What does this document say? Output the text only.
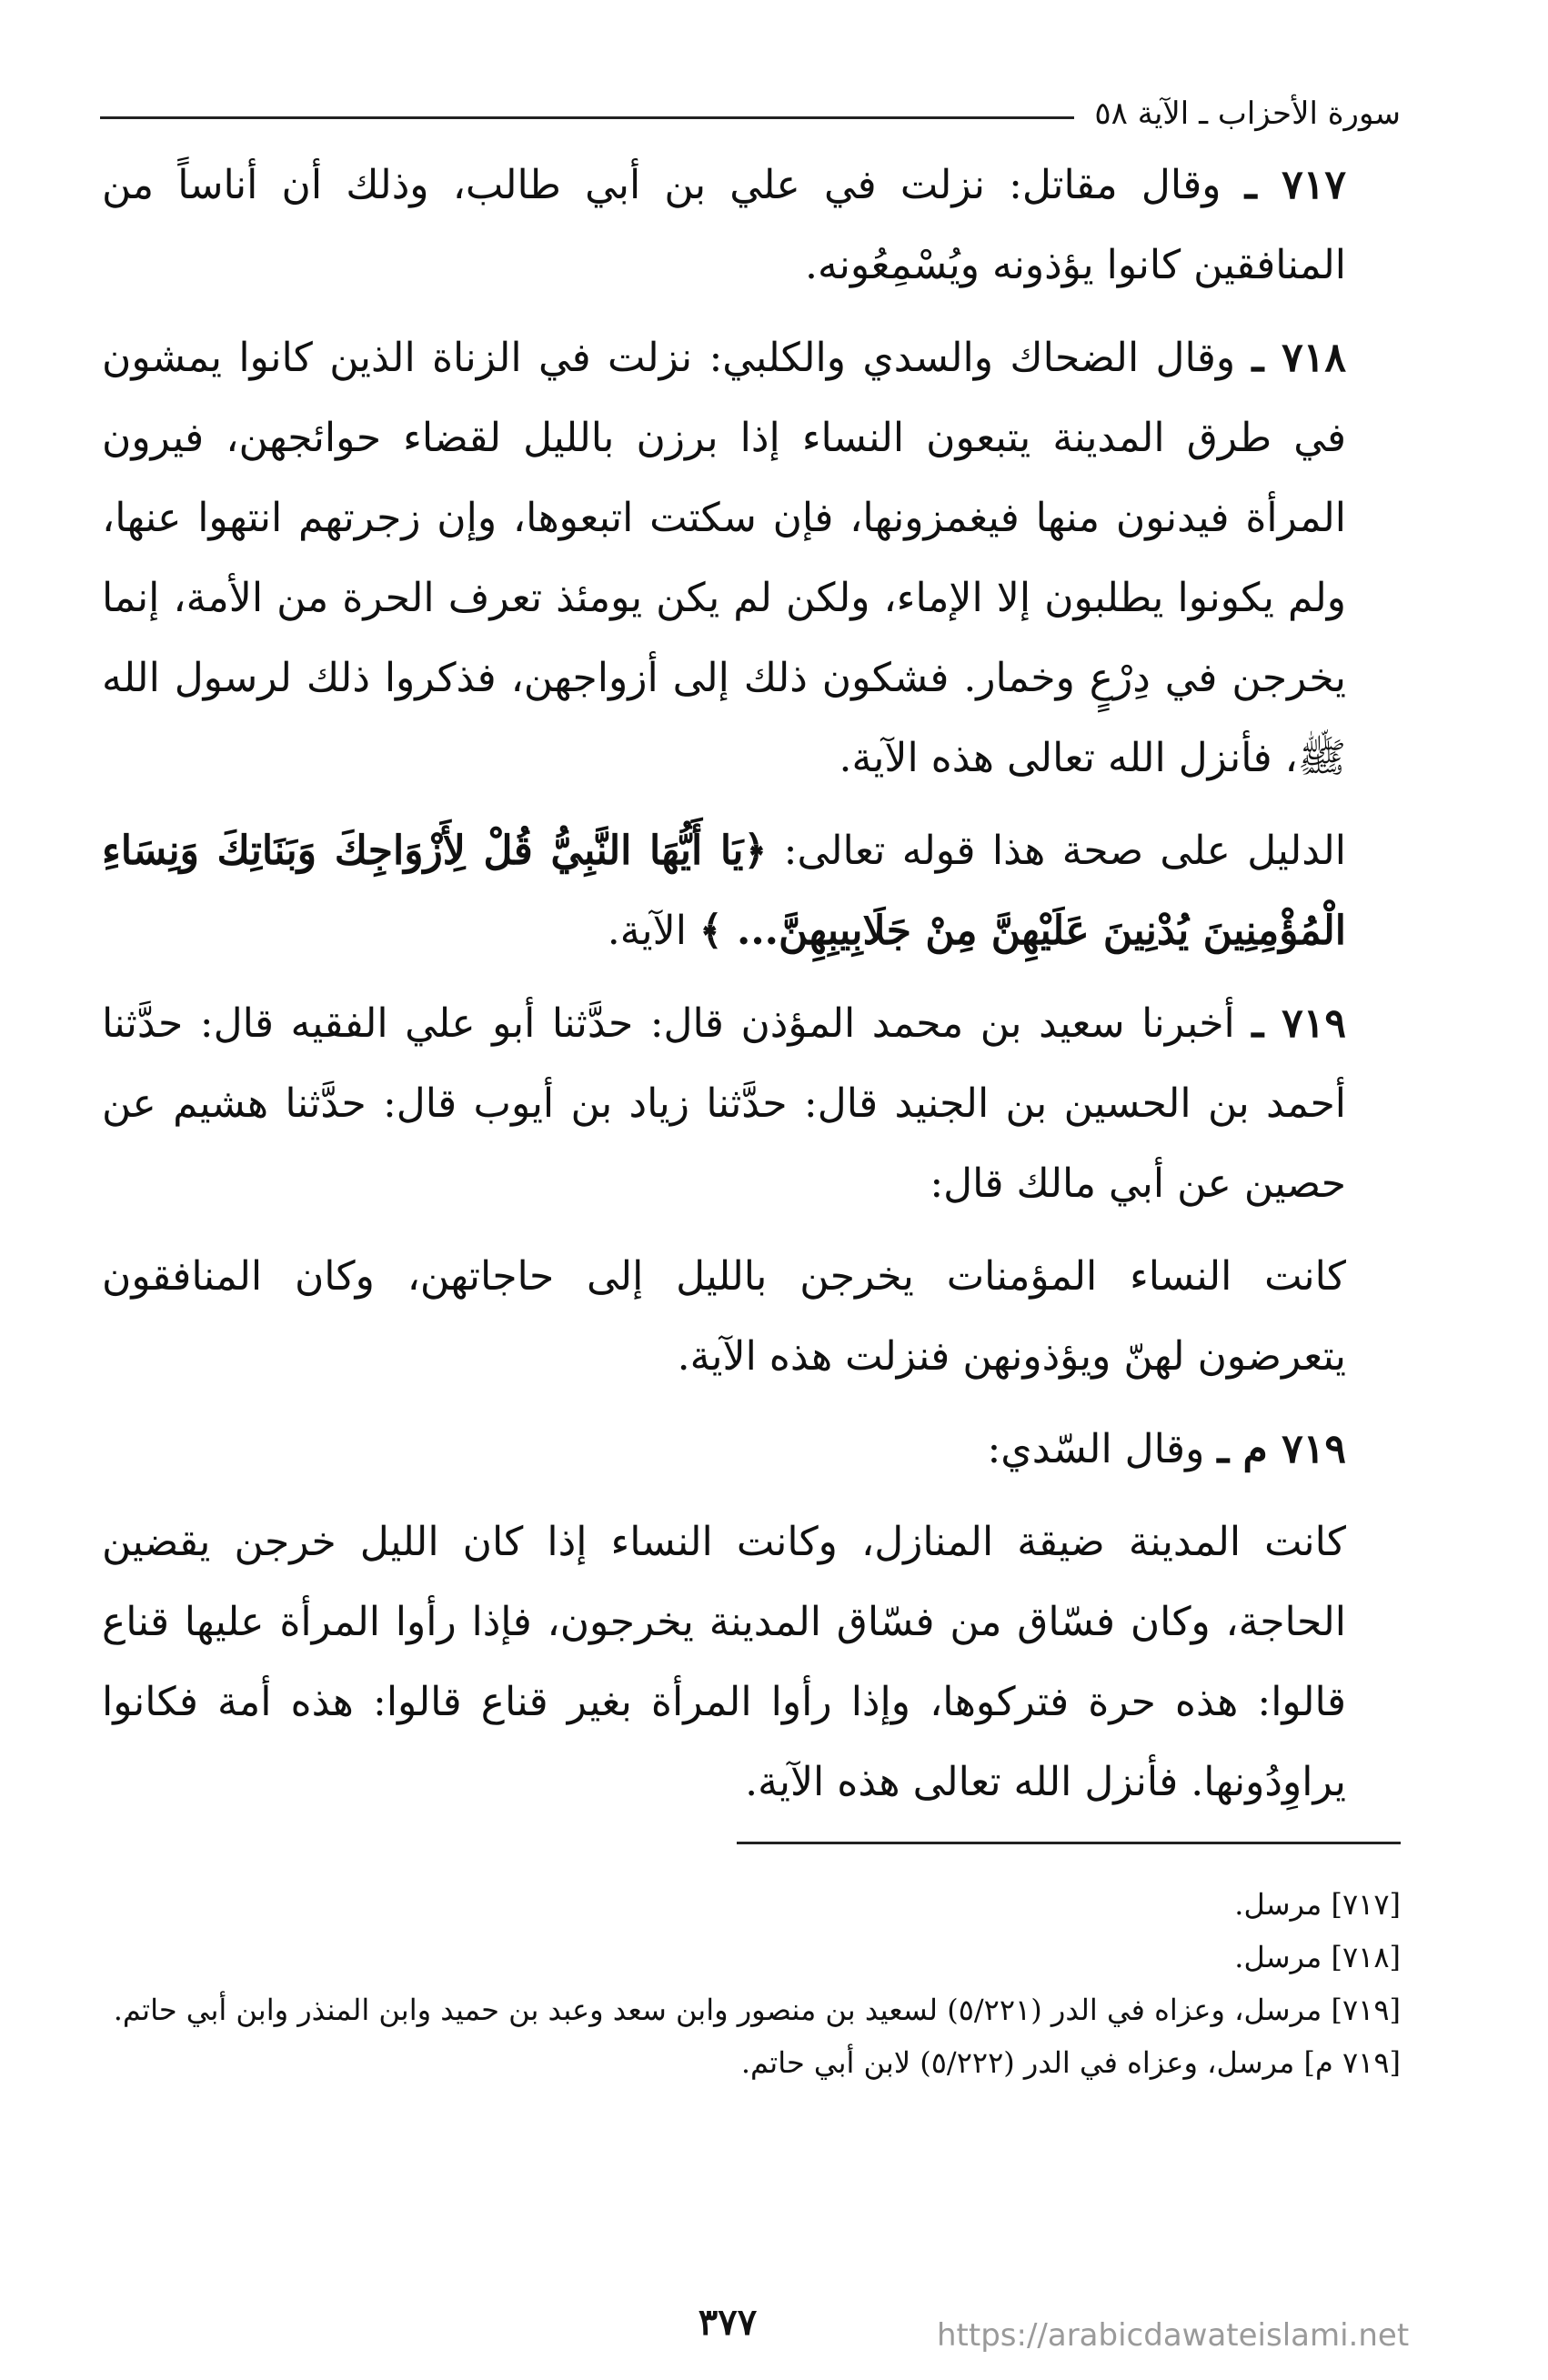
سورة الأحزاب ـ الآية ٥٨

٧١٧ ـ وقال مقاتل: نزلت في علي بن أبي طالب، وذلك أن أناساً من المنافقين كانوا يؤذونه ويُسْمِعُونه.

٧١٨ ـ وقال الضحاك والسدي والكلبي: نزلت في الزناة الذين كانوا يمشون في طرق المدينة يتبعون النساء إذا برزن بالليل لقضاء حوائجهن، فيرون المرأة فيدنون منها فيغمزونها، فإن سكتت اتبعوها، وإن زجرتهم انتهوا عنها، ولم يكونوا يطلبون إلا الإماء، ولكن لم يكن يومئذ تعرف الحرة من الأمة، إنما يخرجن في دِرْعٍ وخمار. فشكون ذلك إلى أزواجهن، فذكروا ذلك لرسول الله ﷺ، فأنزل الله تعالى هذه الآية.

الدليل على صحة هذا قوله تعالى: ﴿يَا أَيُّهَا النَّبِيُّ قُلْ لِأَزْوَاجِكَ وَبَنَاتِكَ وَنِسَاءِ الْمُؤْمِنِينَ يُدْنِينَ عَلَيْهِنَّ مِنْ جَلَابِيبِهِنَّ... ﴾ الآية.

٧١٩ ـ أخبرنا سعيد بن محمد المؤذن قال: حدَّثنا أبو علي الفقيه قال: حدَّثنا أحمد بن الحسين بن الجنيد قال: حدَّثنا زياد بن أيوب قال: حدَّثنا هشيم عن حصين عن أبي مالك قال:

كانت النساء المؤمنات يخرجن بالليل إلى حاجاتهن، وكان المنافقون يتعرضون لهنّ ويؤذونهن فنزلت هذه الآية.

٧١٩ م ـ وقال السّدي:

كانت المدينة ضيقة المنازل، وكانت النساء إذا كان الليل خرجن يقضين الحاجة، وكان فسّاق من فسّاق المدينة يخرجون، فإذا رأوا المرأة عليها قناع قالوا: هذه حرة فتركوها، وإذا رأوا المرأة بغير قناع قالوا: هذه أمة فكانوا يراوِدُونها. فأنزل الله تعالى هذه الآية.

[٧١٧] مرسل.

[٧١٨] مرسل.

[٧١٩] مرسل، وعزاه في الدر (٥/٢٢١) لسعيد بن منصور وابن سعد وعبد بن حميد وابن المنذر وابن أبي حاتم.

[٧١٩ م] مرسل، وعزاه في الدر (٥/٢٢٢) لابن أبي حاتم.

٣٧٧	https://arabicdawateislami.net
